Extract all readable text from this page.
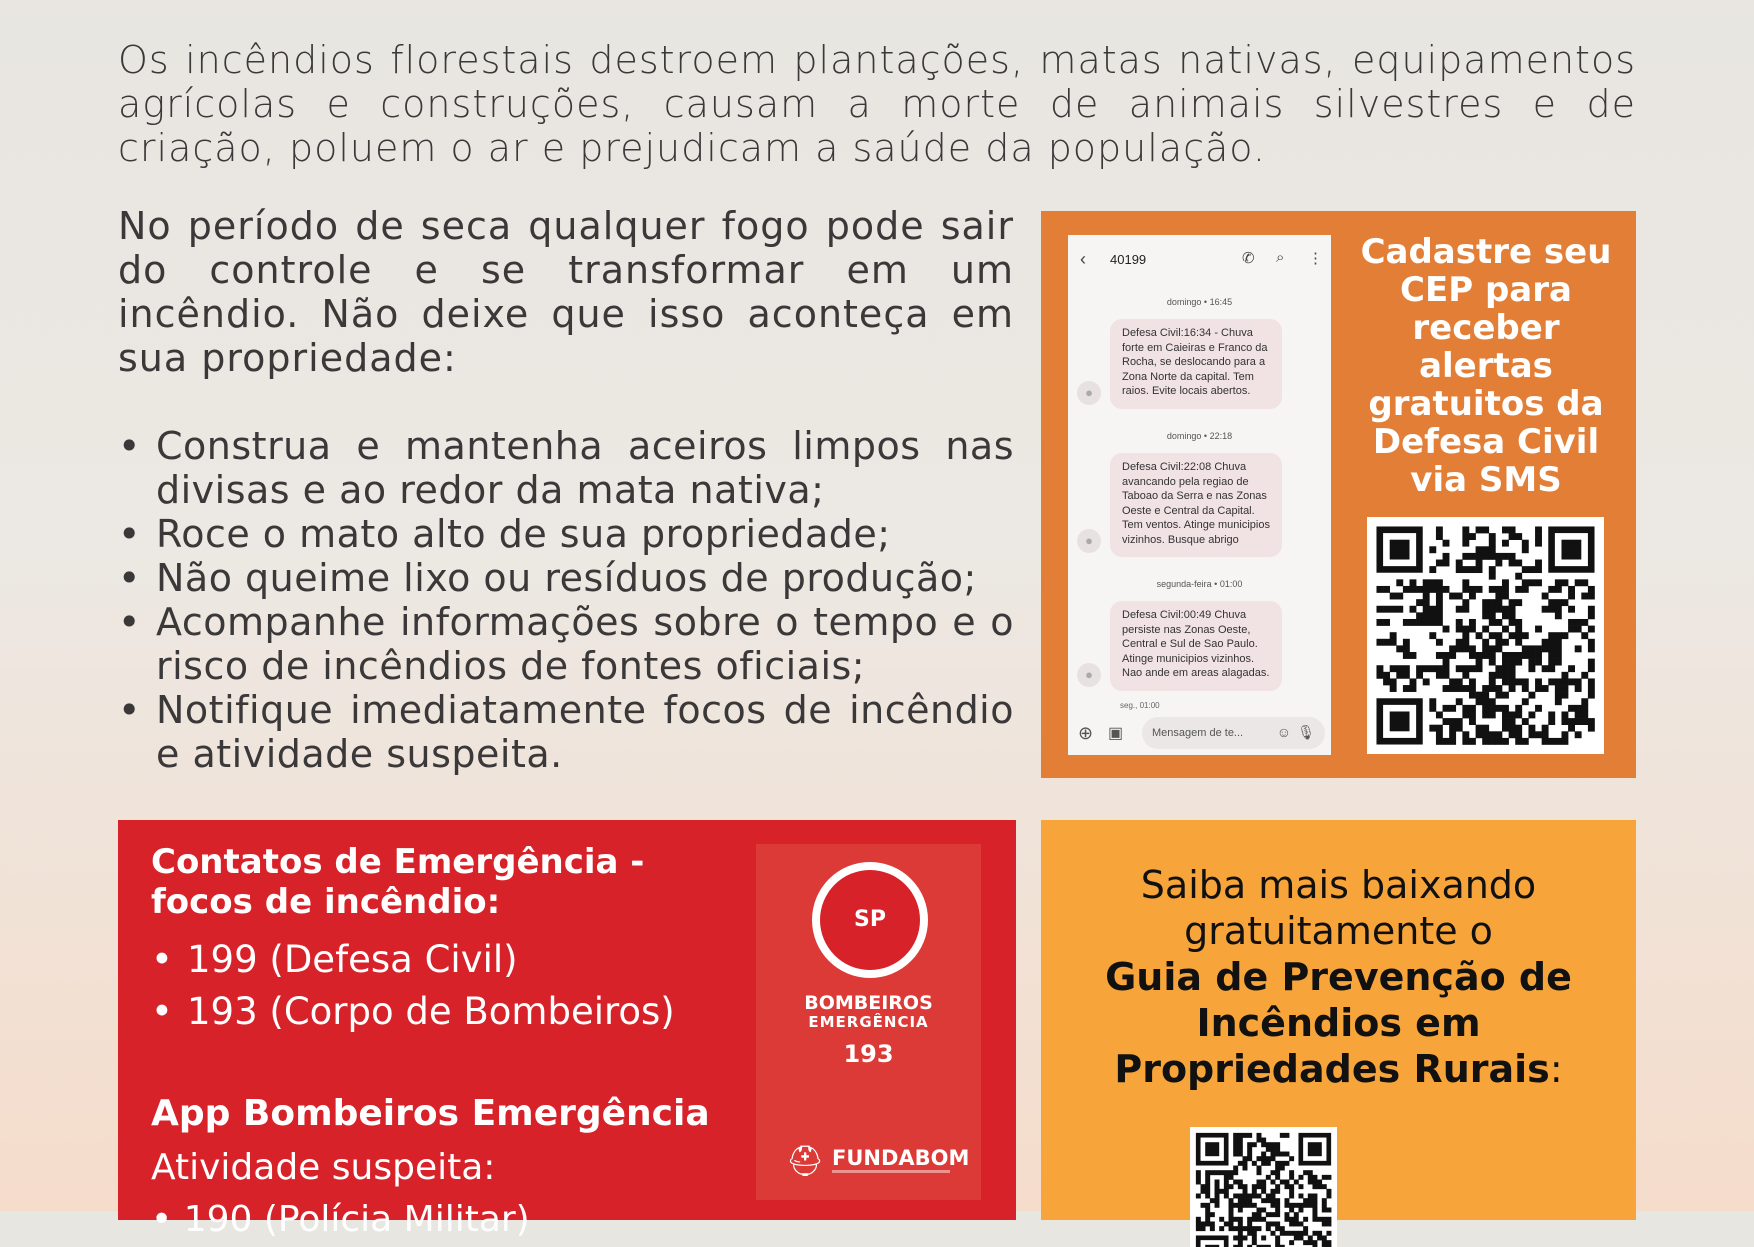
Os incêndios florestais destroem plantações, matas nativas, equipamentos agrícolas e construções, causam a morte de animais silvestres e de criação, poluem o ar e prejudicam a saúde da população.
No período de seca qualquer fogo pode sair do controle e se transformar em um incêndio. Não deixe que isso aconteça em sua propriedade:
• Construa e mantenha aceiros limpos nas divisas e ao redor da mata nativa;
• Roce o mato alto de sua propriedade;
• Não queime lixo ou resíduos de produção;
• Acompanhe informações sobre o tempo e o risco de incêndios de fontes oficiais;
• Notifique imediatamente focos de incêndio e atividade suspeita.
‹ 40199	✆ ⌕ ⋮
domingo • 16:45
Defesa Civil:16:34 - Chuva forte em Caieiras e Franco da Rocha, se deslocando para a Zona Norte da capital. Tem raios. Evite locais abertos.
●
domingo • 22:18
Defesa Civil:22:08 Chuva avancando pela regiao de Taboao da Serra e nas Zonas Oeste e Central da Capital. Tem ventos. Atinge municipios vizinhos. Busque abrigo
●
segunda-feira • 01:00
Defesa Civil:00:49 Chuva persiste nas Zonas Oeste, Central e Sul de Sao Paulo. Atinge municipios vizinhos. Nao ande em areas alagadas.
●
seg., 01:00
⊕ ▣	Mensagem de te...	☺ 🎙
Cadastre seu CEP para receber alertas gratuitos da Defesa Civil via SMS
Contatos de Emergência - focos de incêndio:
• 199 (Defesa Civil)
• 193 (Corpo de Bombeiros)
App Bombeiros Emergência
Atividade suspeita:
• 190 (Polícia Militar)
SP
BOMBEIROS
EMERGÊNCIA
193
⛑ FUNDABOM
Saiba mais baixando gratuitamente o
Guia de Prevenção de Incêndios em Propriedades Rurais:
